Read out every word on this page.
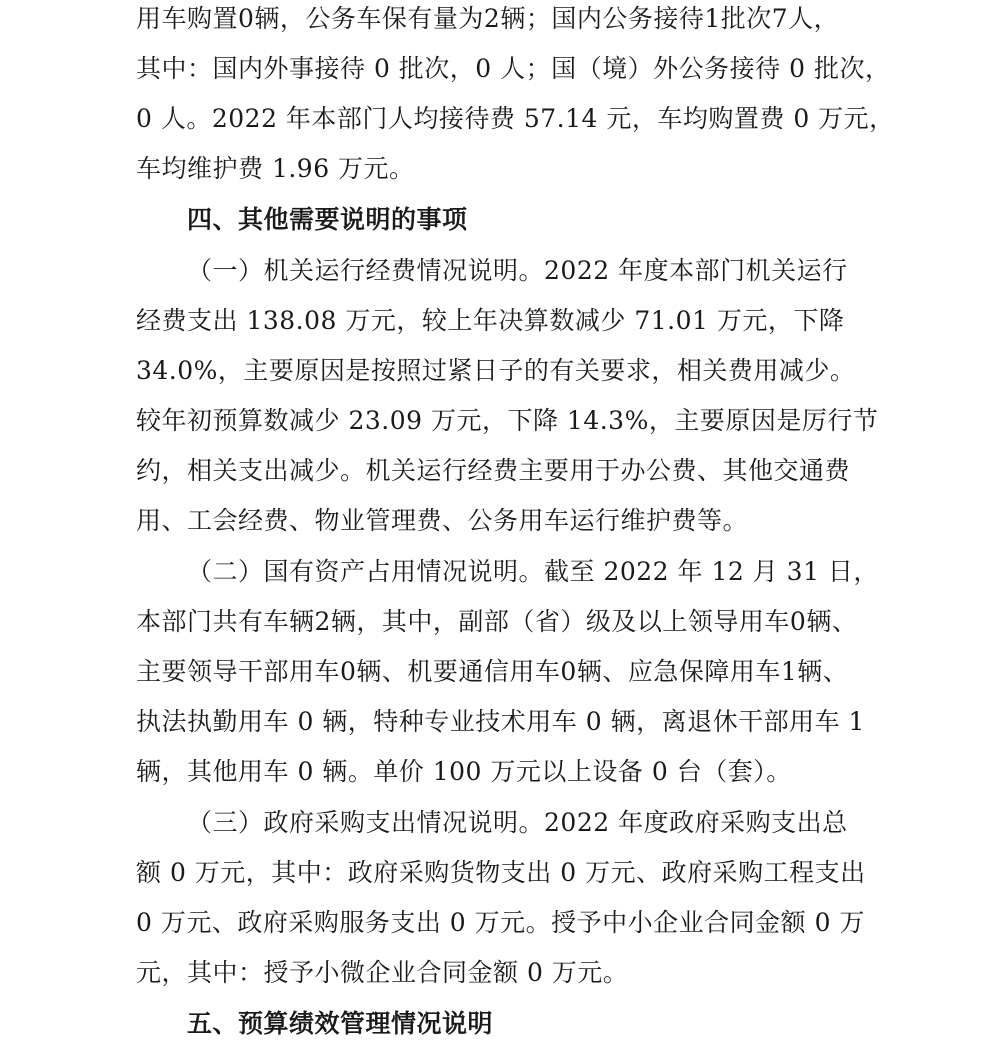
用车购置0辆，公务车保有量为2辆；国内公务接待1批次7人，
其中：国内外事接待 0 批次，0 人；国（境）外公务接待 0 批次，
0 人。2022 年本部门人均接待费 57.14 元，车均购置费 0 万元，
车均维护费 1.96 万元。
四、其他需要说明的事项
（一）机关运行经费情况说明。2022 年度本部门机关运行
经费支出 138.08 万元，较上年决算数减少 71.01 万元，下降
34.0%，主要原因是按照过紧日子的有关要求，相关费用减少。
较年初预算数减少 23.09 万元，下降 14.3%，主要原因是厉行节
约，相关支出减少。机关运行经费主要用于办公费、其他交通费
用、工会经费、物业管理费、公务用车运行维护费等。
（二）国有资产占用情况说明。截至 2022 年 12 月 31 日，
本部门共有车辆2辆，其中，副部（省）级及以上领导用车0辆、
主要领导干部用车0辆、机要通信用车0辆、应急保障用车1辆、
执法执勤用车 0 辆，特种专业技术用车 0 辆，离退休干部用车 1
辆，其他用车 0 辆。单价 100 万元以上设备 0 台（套）。
（三）政府采购支出情况说明。2022 年度政府采购支出总
额 0 万元，其中：政府采购货物支出 0 万元、政府采购工程支出
0 万元、政府采购服务支出 0 万元。授予中小企业合同金额 0 万
元，其中：授予小微企业合同金额 0 万元。
五、预算绩效管理情况说明
